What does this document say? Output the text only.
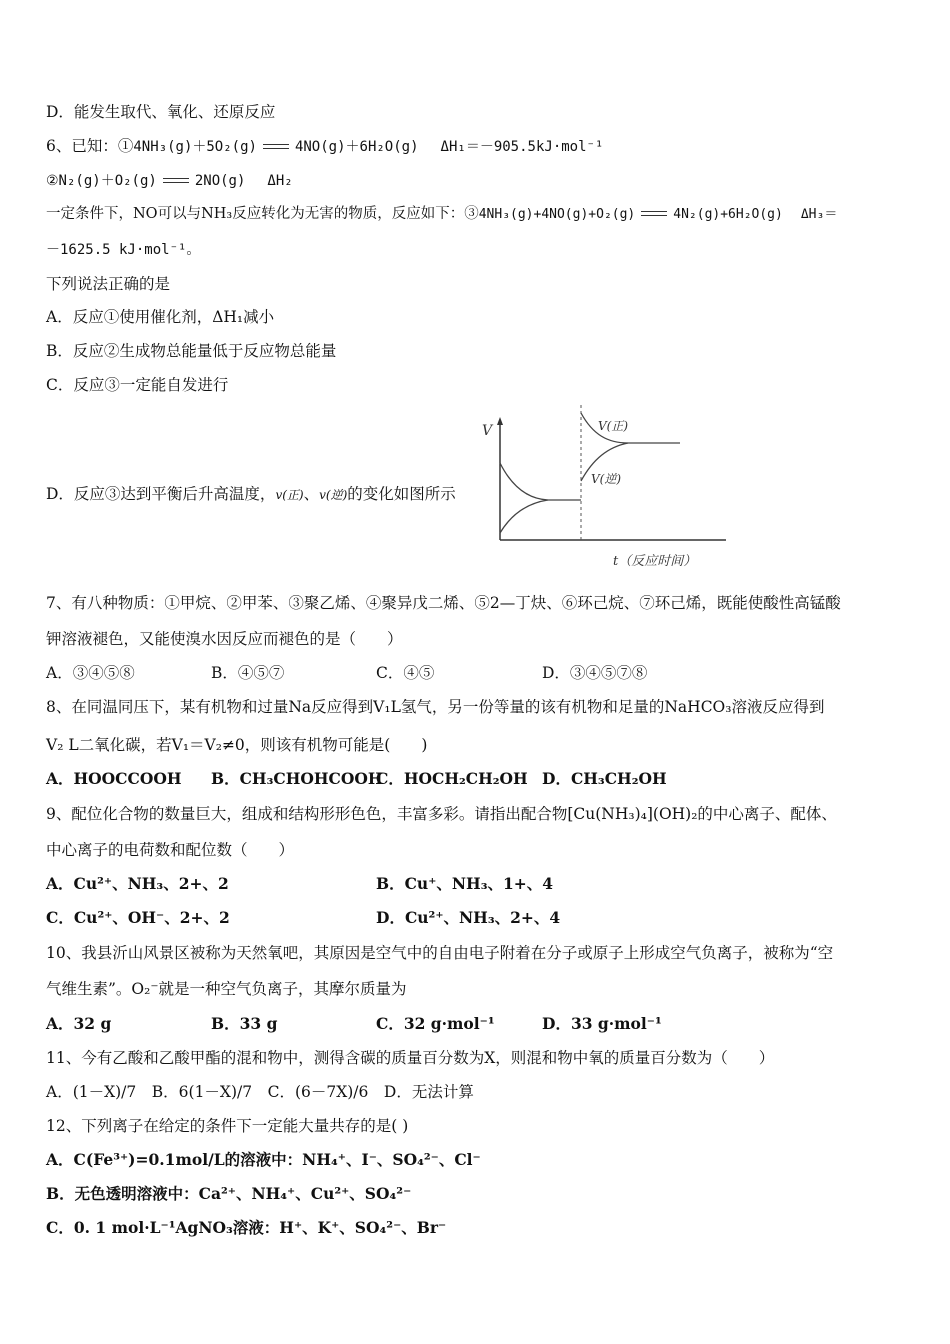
D．能发生取代、氧化、还原反应
6、已知：①4NH₃(g)＋5O₂(g)	4NO(g)＋6H₂O(g) ΔH₁＝－905.5kJ·mol⁻¹
②N₂(g)＋O₂(g)	2NO(g) ΔH₂
一定条件下，NO可以与NH₃反应转化为无害的物质，反应如下：③4NH₃(g)+4NO(g)+O₂(g)	4N₂(g)+6H₂O(g) ΔH₃＝
－1625.5 kJ·mol⁻¹。
下列说法正确的是
A．反应①使用催化剂，ΔH₁减小
B．反应②生成物总能量低于反应物总能量
C．反应③一定能自发进行
D．反应③达到平衡后升高温度，v(正)、v(逆)的变化如图所示
V	V(正)
V(逆)
t（反应时间）
7、有八种物质：①甲烷、②甲苯、③聚乙烯、④聚异戊二烯、⑤2—丁炔、⑥环己烷、⑦环己烯，既能使酸性高锰酸
钾溶液褪色，又能使溴水因反应而褪色的是（　　）
A．③④⑤⑧	B．④⑤⑦	C．④⑤	D．③④⑤⑦⑧
8、在同温同压下，某有机物和过量Na反应得到V₁L氢气，另一份等量的该有机物和足量的NaHCO₃溶液反应得到
V₂ L二氧化碳，若V₁＝V₂≠0，则该有机物可能是(　　)
A．HOOCCOOH B．CH₃CHOHCOOH
C．HOCH₂CH₂OH D．CH₃CH₂OH
9、配位化合物的数量巨大，组成和结构形形色色，丰富多彩。请指出配合物[Cu(NH₃)₄](OH)₂的中心离子、配体、
中心离子的电荷数和配位数（　　）
A．Cu²⁺、NH₃、2+、2	B．Cu⁺、NH₃、1+、4
C．Cu²⁺、OH⁻、2+、2	D．Cu²⁺、NH₃、2+、4
10、我县沂山风景区被称为天然氧吧，其原因是空气中的自由电子附着在分子或原子上形成空气负离子，被称为“空
气维生素”。O₂⁻就是一种空气负离子，其摩尔质量为
A．32 g	B．33 g	C．32 g·mol⁻¹	D．33 g·mol⁻¹
11、今有乙酸和乙酸甲酯的混和物中，测得含碳的质量百分数为X，则混和物中氧的质量百分数为（　　）
A．(1－X)/7　B．6(1－X)/7　C．(6－7X)/6　D．无法计算
12、下列离子在给定的条件下一定能大量共存的是( )
A．C(Fe³⁺)=0.1mol/L的溶液中：NH₄⁺、I⁻、SO₄²⁻、Cl⁻
B．无色透明溶液中：Ca²⁺、NH₄⁺、Cu²⁺、SO₄²⁻
C．0. 1 mol·L⁻¹AgNO₃溶液：H⁺、K⁺、SO₄²⁻、Br⁻
